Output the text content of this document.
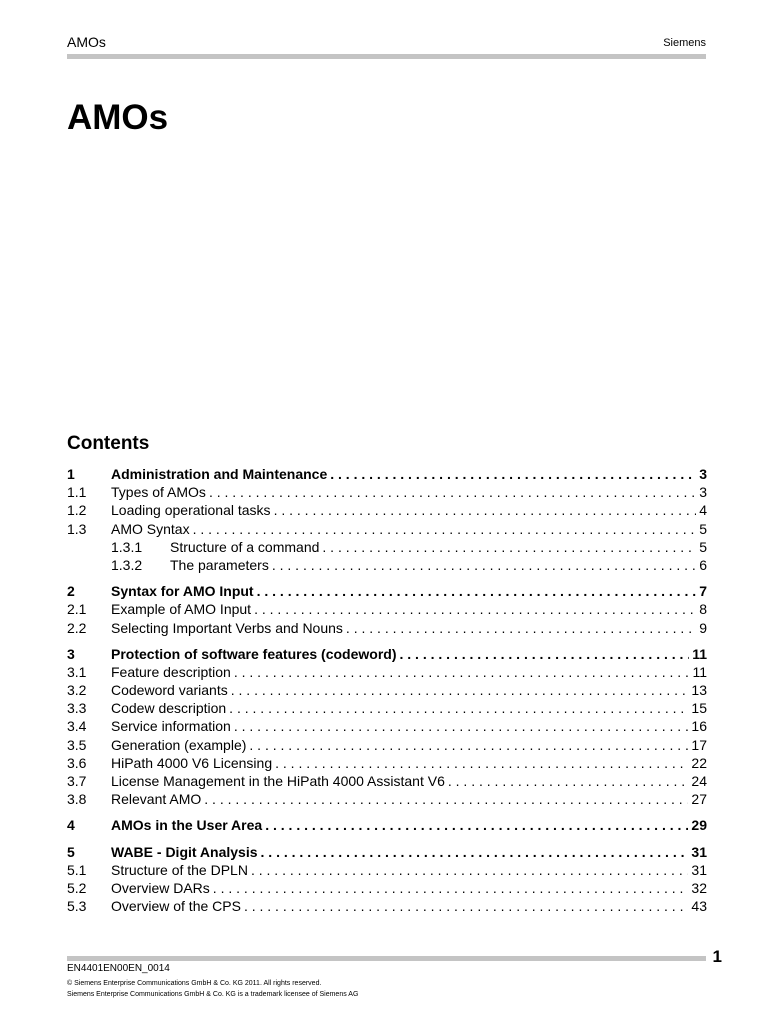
AMOs	Siemens
AMOs
Contents
1	Administration and Maintenance . . .	3
1.1	Types of AMOs . . .	3
1.2	Loading operational tasks . . .	4
1.3	AMO Syntax . . .	5
1.3.1	Structure of a command . . .	5
1.3.2	The parameters . . .	6
2	Syntax for AMO Input . . .	7
2.1	Example of AMO Input . . .	8
2.2	Selecting Important Verbs and Nouns . . .	9
3	Protection of software features (codeword) . . .	11
3.1	Feature description . . .	11
3.2	Codeword variants . . .	13
3.3	Codew description . . .	15
3.4	Service information . . .	16
3.5	Generation (example) . . .	17
3.6	HiPath 4000 V6 Licensing . . .	22
3.7	License Management in the HiPath 4000 Assistant V6 . . .	24
3.8	Relevant AMO . . .	27
4	AMOs in the User Area . . .	29
5	WABE - Digit Analysis . . .	31
5.1	Structure of the DPLN . . .	31
5.2	Overview DARs . . .	32
5.3	Overview of the CPS . . .	43
1
EN4401EN00EN_0014
© Siemens Enterprise Communications GmbH & Co. KG 2011. All rights reserved.
Siemens Enterprise Communications GmbH & Co. KG is a trademark licensee of Siemens AG
